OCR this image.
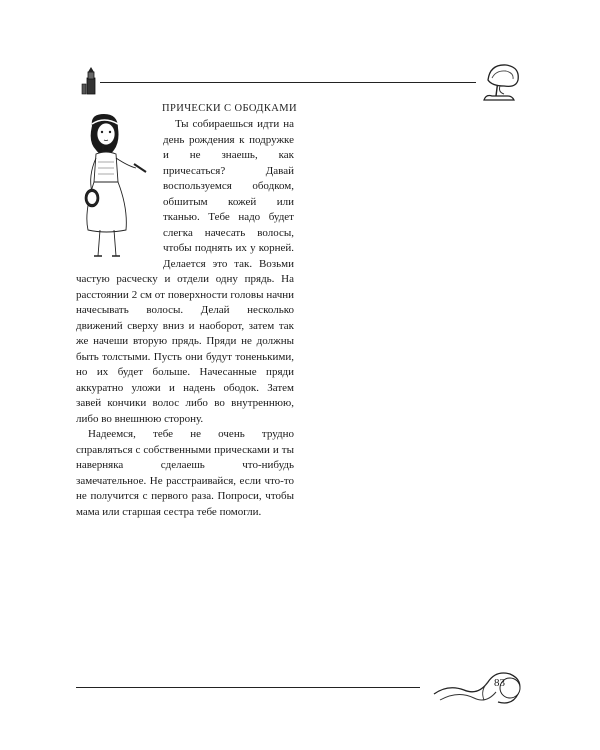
ПРИЧЕСКИ С ОБОДКАМИ

Ты собираешься идти на день рождения к подружке и не знаешь, как причесаться? Давай воспользуемся ободком, обшитым кожей или тканью. Тебе надо будет слегка начесать волосы, чтобы поднять их у корней. Делается это так. Возьми частую расческу и отдели одну прядь. На расстоянии 2 см от поверхности головы начни начесывать волосы. Делай несколько движений сверху вниз и наоборот, затем так же начеши вторую прядь. Пряди не должны быть толстыми. Пусть они будут тоненькими, но их будет больше. Начесанные пряди аккуратно уложи и надень ободок. Затем завей кончики волос либо во внутреннюю, либо во внешнюю сторону.

Надеемся, тебе не очень трудно справляться с собственными прическами и ты наверняка сделаешь что-нибудь замечательное. Не расстраивайся, если что-то не получится с первого раза. Попроси, чтобы мама или старшая сестра тебе помогли.

83
